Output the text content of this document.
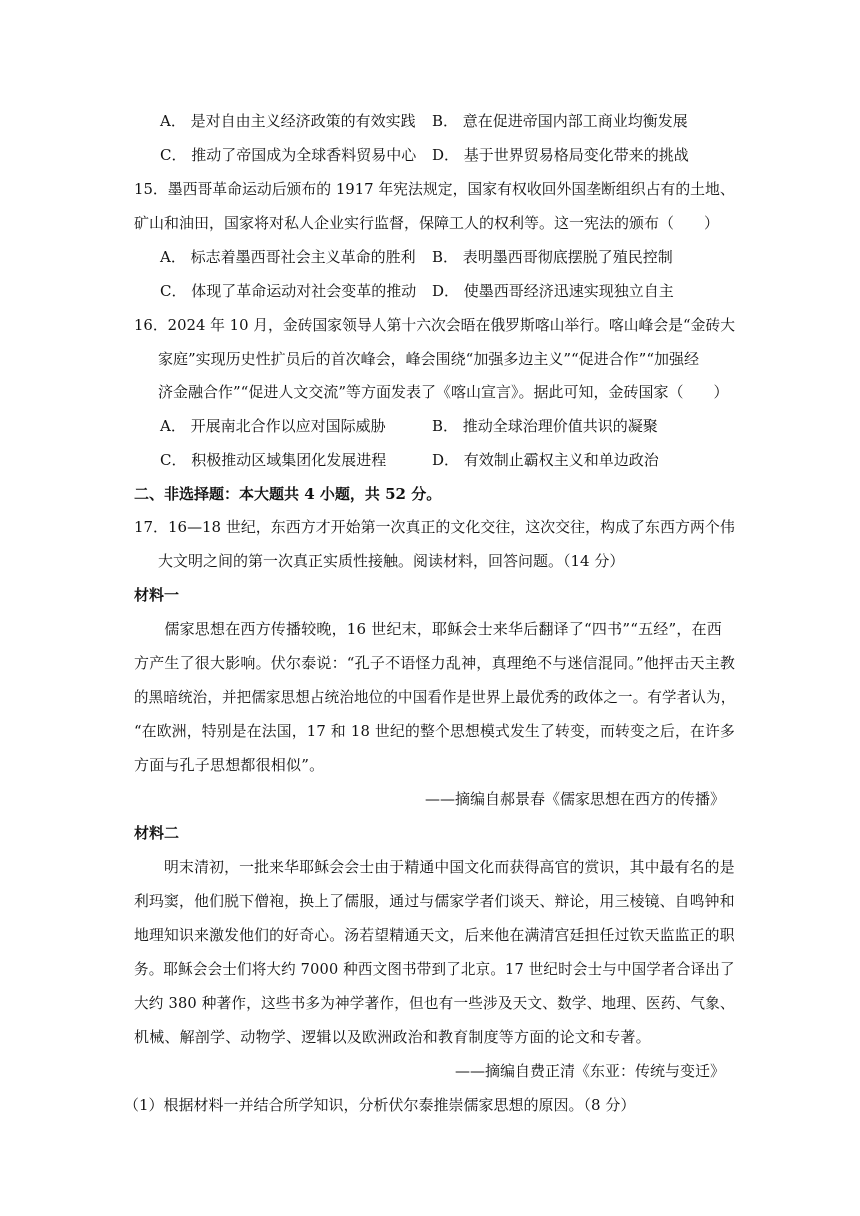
A． 是对自由主义经济政策的有效实践 B． 意在促进帝国内部工商业均衡发展
C． 推动了帝国成为全球香料贸易中心 D． 基于世界贸易格局变化带来的挑战
15．墨西哥革命运动后颁布的 1917 年宪法规定，国家有权收回外国垄断组织占有的土地、
矿山和油田，国家将对私人企业实行监督，保障工人的权利等。这一宪法的颁布（　　）
A． 标志着墨西哥社会主义革命的胜利 B． 表明墨西哥彻底摆脱了殖民控制
C． 体现了革命运动对社会变革的推动 D． 使墨西哥经济迅速实现独立自主
16．2024 年 10 月，金砖国家领导人第十六次会晤在俄罗斯喀山举行。喀山峰会是“金砖大
家庭”实现历史性扩员后的首次峰会，峰会围绕“加强多边主义”“促进合作”“加强经
济金融合作”“促进人文交流”等方面发表了《喀山宣言》。据此可知，金砖国家（　　）
A． 开展南北合作以应对国际威胁	B． 推动全球治理价值共识的凝聚
C． 积极推动区域集团化发展进程	D． 有效制止霸权主义和单边政治
二、非选择题：本大题共 4 小题，共 52 分。
17．16—18 世纪，东西方才开始第一次真正的文化交往，这次交往，构成了东西方两个伟
大文明之间的第一次真正实质性接触。阅读材料，回答问题。（14 分）
材料一
　　儒家思想在西方传播较晚，16 世纪末，耶稣会士来华后翻译了“四书”“五经”，在西
方产生了很大影响。伏尔泰说：“孔子不语怪力乱神，真理绝不与迷信混同。”他抨击天主教
的黑暗统治，并把儒家思想占统治地位的中国看作是世界上最优秀的政体之一。有学者认为，
“在欧洲，特别是在法国，17 和 18 世纪的整个思想模式发生了转变，而转变之后，在许多
方面与孔子思想都很相似”。
——摘编自郝景春《儒家思想在西方的传播》
材料二
　　明末清初，一批来华耶稣会会士由于精通中国文化而获得高官的赏识，其中最有名的是
利玛窦，他们脱下僧袍，换上了儒服，通过与儒家学者们谈天、辩论，用三棱镜、自鸣钟和
地理知识来激发他们的好奇心。汤若望精通天文，后来他在满清宫廷担任过钦天监监正的职
务。耶稣会会士们将大约 7000 种西文图书带到了北京。17 世纪时会士与中国学者合译出了
大约 380 种著作，这些书多为神学著作，但也有一些涉及天文、数学、地理、医药、气象、
机械、解剖学、动物学、逻辑以及欧洲政治和教育制度等方面的论文和专著。
——摘编自费正清《东亚：传统与变迁》
（1）根据材料一并结合所学知识，分析伏尔泰推崇儒家思想的原因。（8 分）
